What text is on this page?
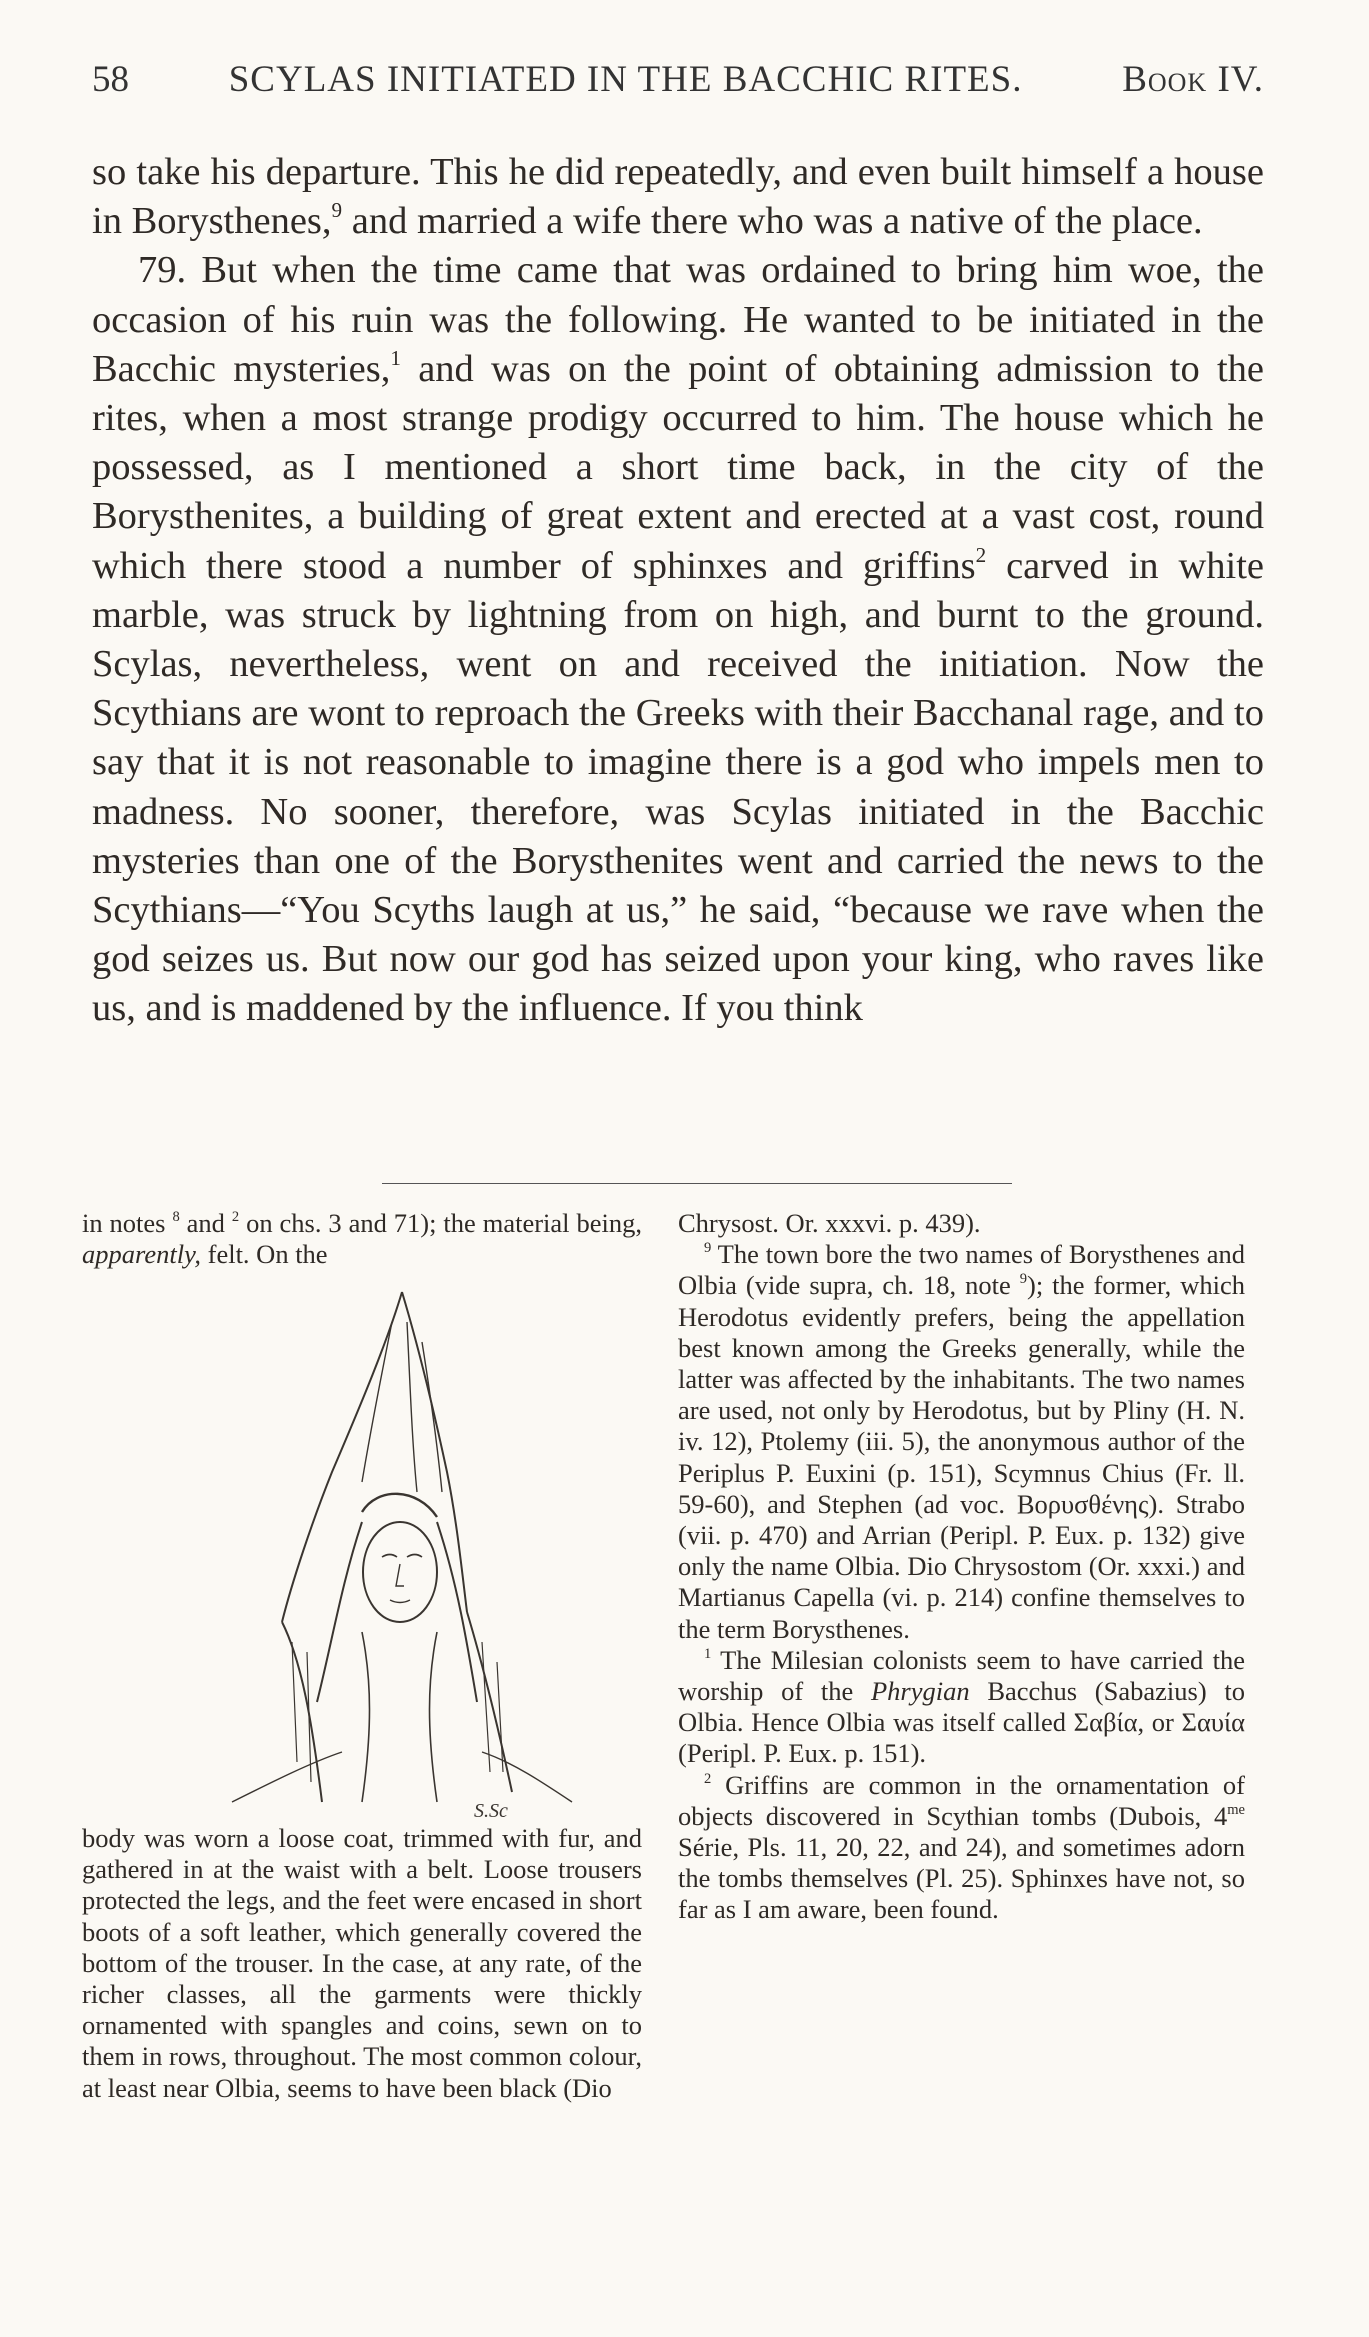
58	SCYLAS INITIATED IN THE BACCHIC RITES.	Book IV.

so take his departure. This he did repeatedly, and even built himself a house in Borysthenes,$^9$ and married a wife there who was a native of the place.

79. But when the time came that was ordained to bring him woe, the occasion of his ruin was the following. He wanted to be initiated in the Bacchic mysteries,$^1$ and was on the point of obtaining admission to the rites, when a most strange prodigy occurred to him. The house which he possessed, as I mentioned a short time back, in the city of the Borysthenites, a building of great extent and erected at a vast cost, round which there stood a number of sphinxes and griffins$^2$ carved in white marble, was struck by lightning from on high, and burnt to the ground. Scylas, nevertheless, went on and received the initiation. Now the Scythians are wont to reproach the Greeks with their Bacchanal rage, and to say that it is not reasonable to imagine there is a god who impels men to madness. No sooner, therefore, was Scylas initiated in the Bacchic mysteries than one of the Borysthenites went and carried the news to the Scythians—“You Scyths laugh at us,” he said, “because we rave when the god seizes us. But now our god has seized upon your king, who raves like us, and is maddened by the influence. If you think

in notes $^8$ and $^2$ on chs. 3 and 71); the material being, apparently, felt. On the

S.Sc

body was worn a loose coat, trimmed with fur, and gathered in at the waist with a belt. Loose trousers protected the legs, and the feet were encased in short boots of a soft leather, which generally covered the bottom of the trouser. In the case, at any rate, of the richer classes, all the garments were thickly ornamented with spangles and coins, sewn on to them in rows, throughout. The most common colour, at least near Olbia, seems to have been black (Dio

Chrysost. Or. xxxvi. p. 439).

$^9$ The town bore the two names of Borysthenes and Olbia (vide supra, ch. 18, note $^9$); the former, which Herodotus evidently prefers, being the appellation best known among the Greeks generally, while the latter was affected by the inhabitants. The two names are used, not only by Herodotus, but by Pliny (H. N. iv. 12), Ptolemy (iii. 5), the anonymous author of the Periplus P. Euxini (p. 151), Scymnus Chius (Fr. ll. 59-60), and Stephen (ad voc. Βορυσθένης). Strabo (vii. p. 470) and Arrian (Peripl. P. Eux. p. 132) give only the name Olbia. Dio Chrysostom (Or. xxxi.) and Martianus Capella (vi. p. 214) confine themselves to the term Borysthenes.

$^1$ The Milesian colonists seem to have carried the worship of the Phrygian Bacchus (Sabazius) to Olbia. Hence Olbia was itself called Σαβία, or Σαυία (Peripl. P. Eux. p. 151).

$^2$ Griffins are common in the ornamentation of objects discovered in Scythian tombs (Dubois, $4^{me}$ Série, Pls. 11, 20, 22, and 24), and sometimes adorn the tombs themselves (Pl. 25). Sphinxes have not, so far as I am aware, been found.
